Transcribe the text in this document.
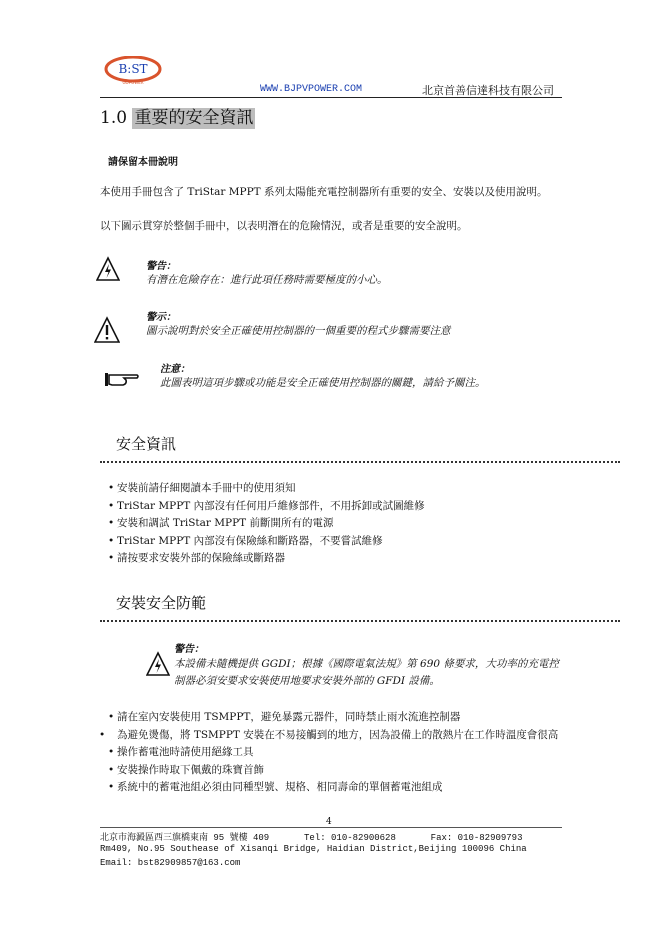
B:ST
GOPOWER
WWW.BJPVPOWER.COM	北京首善信達科技有限公司
1.0 重要的安全資訊
請保留本冊說明
本使用手冊包含了 TriStar MPPT 系列太陽能充電控制器所有重要的安全、安裝以及使用說明。
以下圖示貫穿於整個手冊中，以表明潛在的危險情況，或者是重要的安全說明。
警告：
有潛在危險存在：進行此項任務時需要極度的小心。
警示：
圖示說明對於安全正確使用控制器的一個重要的程式步驟需要注意
注意：
此圖表明這項步驟或功能是安全正確使用控制器的關鍵，請給予關注。
安全資訊
• 安裝前請仔細閱讀本手冊中的使用須知
• TriStar MPPT 內部沒有任何用戶維修部件，不用拆卸或試圖維修
• 安裝和調試 TriStar MPPT 前斷開所有的電源
• TriStar MPPT 內部沒有保險絲和斷路器，不要嘗試維修
• 請按要求安裝外部的保險絲或斷路器
安裝安全防範
警告：
本設備未隨機提供 GGDI；根據《國際電氣法規》第 690 條要求，大功率的充電控制器必須安要求安裝使用地要求安裝外部的 GFDI 設備。
• 請在室內安裝使用 TSMPPT，避免暴露元器件，同時禁止雨水流進控制器
• 為避免燙傷，將 TSMPPT 安裝在不易接觸到的地方，因為設備上的散熱片在工作時溫度會很高
• 操作蓄電池時請使用絕緣工具
• 安裝操作時取下佩戴的珠寶首飾
• 系統中的蓄電池組必須由同種型號、規格、相同壽命的單個蓄電池組成
4
北京市海澱區西三旗橋東南 95 號樓 409	Tel: 010-82900628	Fax: 010-82909793
Rm409, No.95 Southease of Xisanqi Bridge, Haidian District,Beijing 100096 China
Email: bst82909857@163.com
